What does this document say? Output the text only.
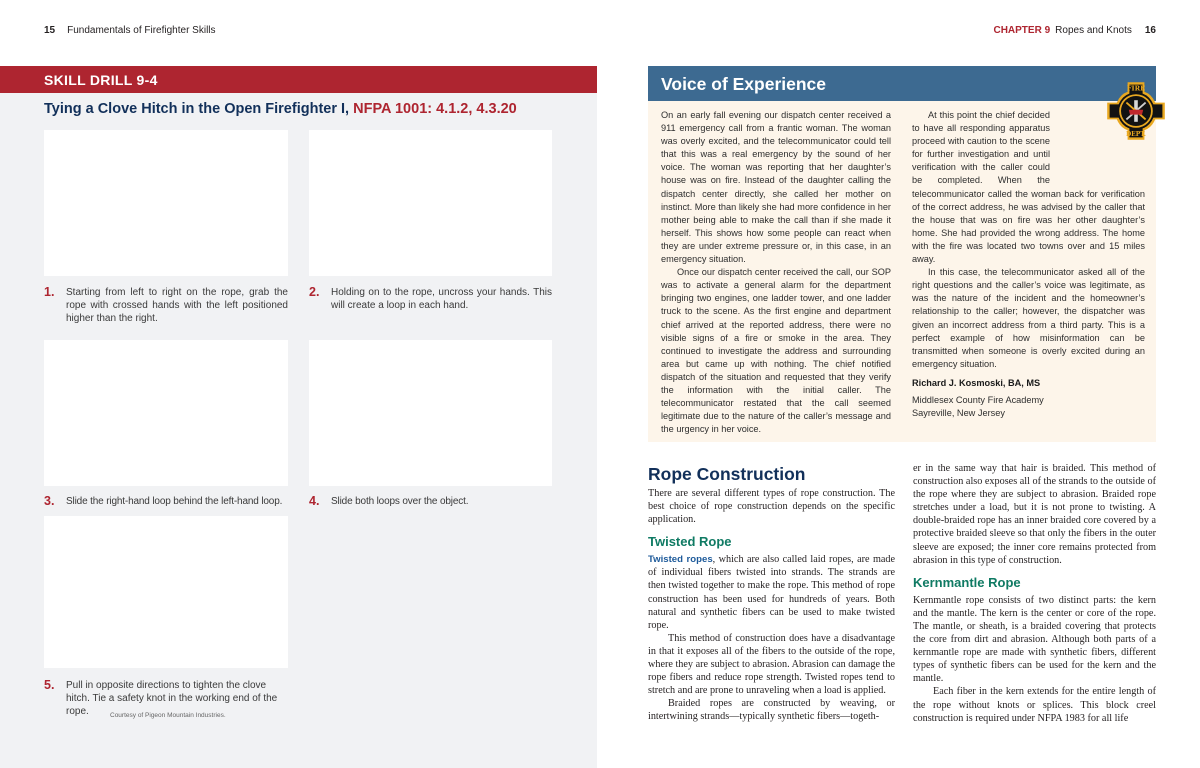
15 Fundamentals of Firefighter Skills
SKILL DRILL 9-4
Tying a Clove Hitch in the Open Firefighter I, NFPA 1001: 4.1.2, 4.3.20
1.	Starting from left to right on the rope, grab the rope with crossed hands with the left positioned higher than the right.
2.	Holding on to the rope, uncross your hands. This will create a loop in each hand.
3.	Slide the right-hand loop behind the left-hand loop.	4.	Slide both loops over the object.
5.	Pull in opposite directions to tighten the clove hitch. Tie a safety knot in the working end of the rope.	Courtesy of Pigeon Mountain Industries.
CHAPTER 9 Ropes and Knots 16
Voice of Experience

On an early fall evening our dispatch center received a 911 emergency call from a frantic woman. The woman was overly excited, and the telecommunicator could tell that this was a real emergency by the sound of her voice. The woman was reporting that her daughter’s house was on fire. Instead of the daughter calling the dispatch center directly, she called her mother on instinct. More than likely she had more confidence in her mother being able to make the call than if she made it herself. This shows how some people can react when they are under extreme pressure or, in this case, in an emergency situation.

Once our dispatch center received the call, our SOP was to activate a general alarm for the department bringing two engines, one ladder tower, and one ladder truck to the scene. As the first engine and department chief arrived at the reported address, there were no visible signs of a fire or smoke in the area. They continued to investigate the address and surrounding area but came up with nothing. The chief notified dispatch of the situation and requested that they verify the information with the initial caller. The telecommunicator restated that the call seemed legitimate due to the nature of the caller’s message and the urgency in her voice.

At this point the chief decided to have all responding apparatus proceed with caution to the scene for further investigation and until verification with the caller could be completed. When the telecommunicator called the woman back for verification of the correct address, he was advised by the caller that the house that was on fire was her other daughter’s home. She had provided the wrong address. The home with the fire was located two towns over and 15 miles away.

In this case, the telecommunicator asked all of the right questions and the caller’s voice was legitimate, as was the nature of the incident and the homeowner’s relationship to the caller; however, the dispatcher was given an incorrect address from a third party. This is a perfect example of how misinformation can be transmitted when someone is overly excited during an emergency situation.

Richard J. Kosmoski, BA, MS
Middlesex County Fire Academy
Sayreville, New Jersey
FIRE
DEPT.
Rope Construction

There are several different types of rope construction. The best choice of rope construction depends on the specific application.

Twisted Rope

Twisted ropes, which are also called laid ropes, are made of individual fibers twisted into strands. The strands are then twisted together to make the rope. This method of rope construction has been used for hundreds of years. Both natural and synthetic fibers can be used to make twisted rope.

This method of construction does have a disadvantage in that it exposes all of the fibers to the outside of the rope, where they are subject to abrasion. Abrasion can damage the rope fibers and reduce rope strength. Twisted ropes tend to stretch and are prone to unraveling when a load is applied.

Braided ropes are constructed by weaving, or intertwining strands—typically synthetic fibers—togeth-

er in the same way that hair is braided. This method of construction also exposes all of the strands to the outside of the rope where they are subject to abrasion. Braided rope stretches under a load, but it is not prone to twisting. A double-braided rope has an inner braided core covered by a protective braided sleeve so that only the fibers in the outer sleeve are exposed; the inner core remains protected from abrasion in this type of construction.

Kernmantle Rope

Kernmantle rope consists of two distinct parts: the kern and the mantle. The kern is the center or core of the rope. The mantle, or sheath, is a braided covering that protects the core from dirt and abrasion. Although both parts of a kernmantle rope are made with synthetic fibers, different types of synthetic fibers can be used for the kern and the mantle.

Each fiber in the kern extends for the entire length of the rope without knots or splices. This block creel construction is required under NFPA 1983 for all life
